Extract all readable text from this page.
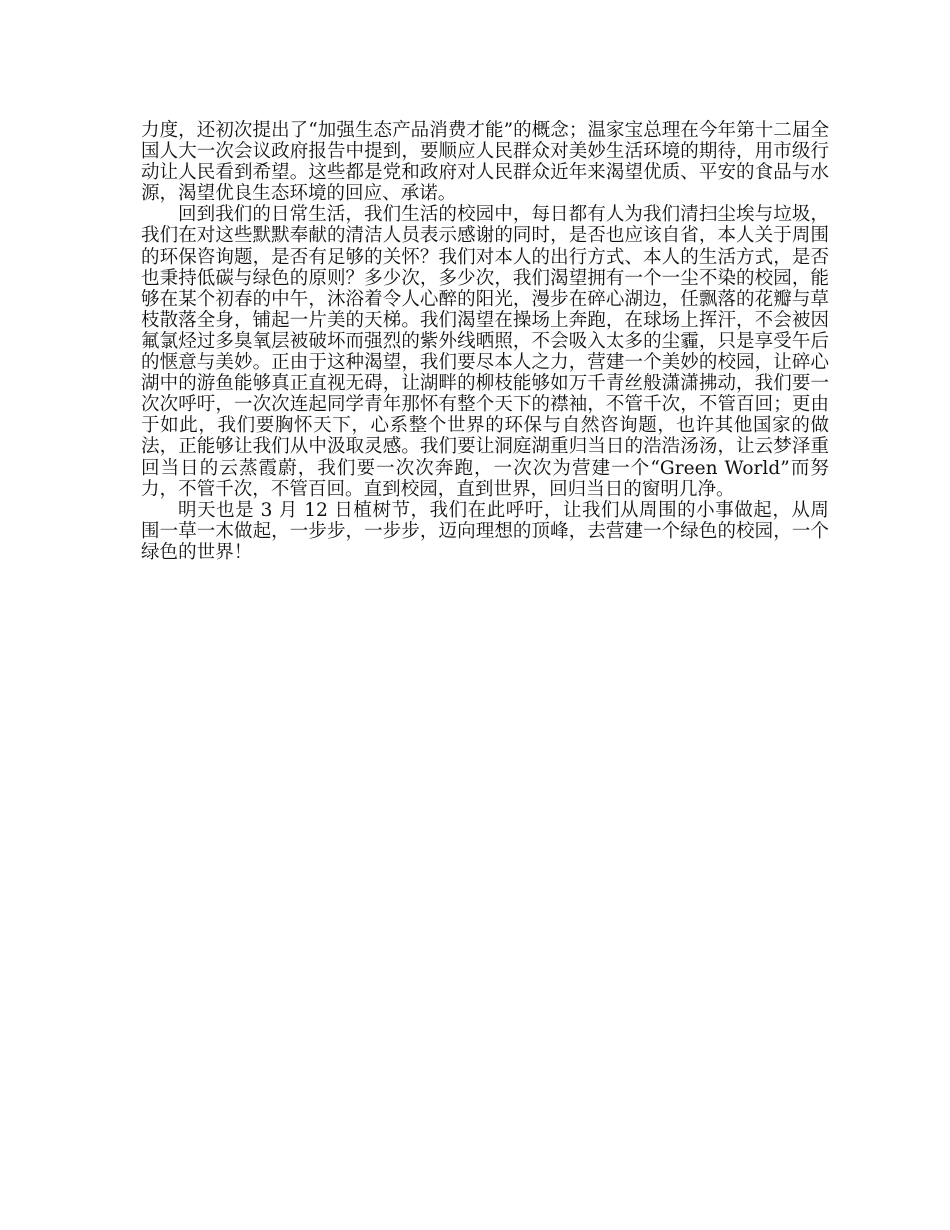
力度，还初次提出了“加强生态产品消费才能”的概念；温家宝总理在今年第十二届全国人大一次会议政府报告中提到，要顺应人民群众对美妙生活环境的期待，用市级行动让人民看到希望。这些都是党和政府对人民群众近年来渴望优质、平安的食品与水源，渴望优良生态环境的回应、承诺。

回到我们的日常生活，我们生活的校园中，每日都有人为我们清扫尘埃与垃圾，我们在对这些默默奉献的清洁人员表示感谢的同时，是否也应该自省，本人关于周围的环保咨询题，是否有足够的关怀？我们对本人的出行方式、本人的生活方式，是否也秉持低碳与绿色的原则？多少次，多少次，我们渴望拥有一个一尘不染的校园，能够在某个初春的中午，沐浴着令人心醉的阳光，漫步在碎心湖边，任飘落的花瓣与草枝散落全身，铺起一片美的天梯。我们渴望在操场上奔跑，在球场上挥汗，不会被因氟氯烃过多臭氧层被破坏而强烈的紫外线晒照，不会吸入太多的尘霾，只是享受午后的惬意与美妙。正由于这种渴望，我们要尽本人之力，营建一个美妙的校园，让碎心湖中的游鱼能够真正直视无碍，让湖畔的柳枝能够如万千青丝般潇潇拂动，我们要一次次呼吁，一次次连起同学青年那怀有整个天下的襟袖，不管千次，不管百回；更由于如此，我们要胸怀天下，心系整个世界的环保与自然咨询题，也许其他国家的做法，正能够让我们从中汲取灵感。我们要让洞庭湖重归当日的浩浩汤汤，让云梦泽重回当日的云蒸霞蔚，我们要一次次奔跑，一次次为营建一个“Green World”而努力，不管千次，不管百回。直到校园，直到世界，回归当日的窗明几净。

明天也是 3 月 12 日植树节，我们在此呼吁，让我们从周围的小事做起，从周围一草一木做起，一步步，一步步，迈向理想的顶峰，去营建一个绿色的校园，一个绿色的世界！
